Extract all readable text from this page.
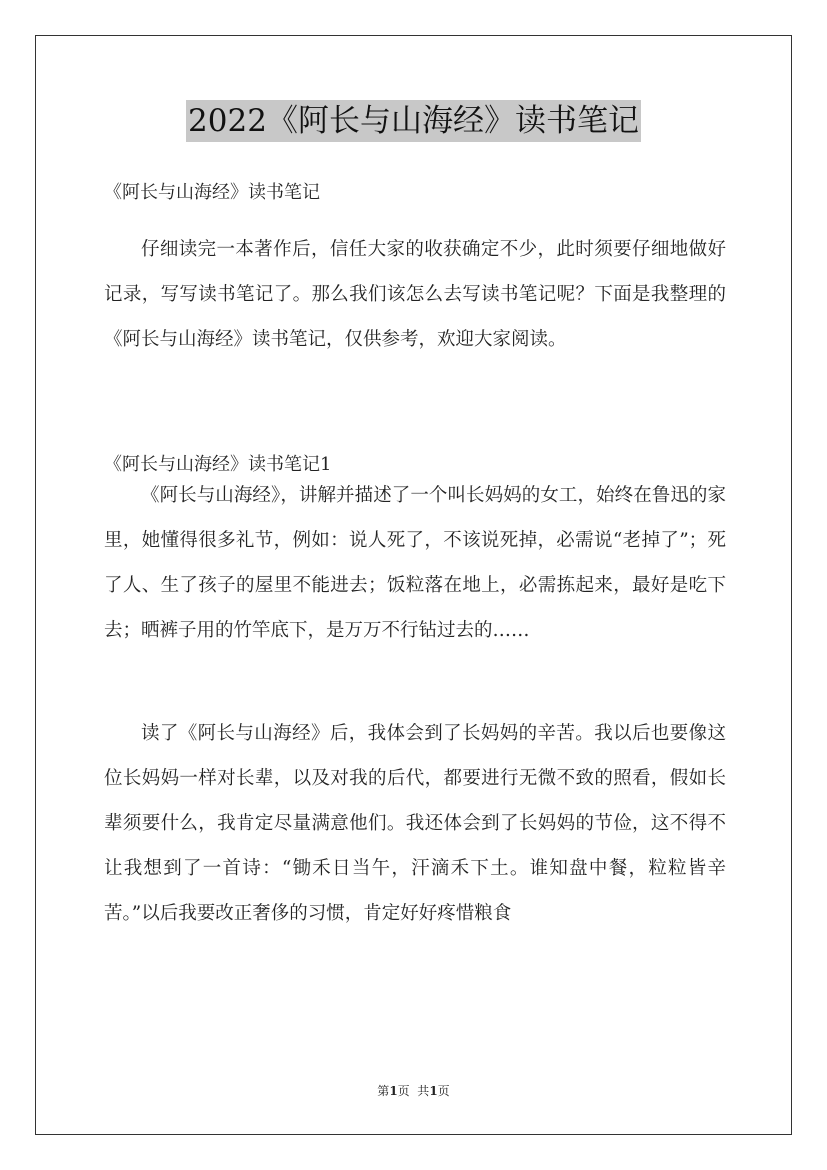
2022《阿长与山海经》读书笔记
《阿长与山海经》读书笔记

仔细读完一本著作后，信任大家的收获确定不少，此时须要仔细地做好记录，写写读书笔记了。那么我们该怎么去写读书笔记呢？下面是我整理的《阿长与山海经》读书笔记，仅供参考，欢迎大家阅读。

《阿长与山海经》读书笔记1

《阿长与山海经》，讲解并描述了一个叫长妈妈的女工，始终在鲁迅的家里，她懂得很多礼节，例如：说人死了，不该说死掉，必需说“老掉了”；死了人、生了孩子的屋里不能进去；饭粒落在地上，必需拣起来，最好是吃下去；晒裤子用的竹竿底下，是万万不行钻过去的……

读了《阿长与山海经》后，我体会到了长妈妈的辛苦。我以后也要像这位长妈妈一样对长辈，以及对我的后代，都要进行无微不致的照看，假如长辈须要什么，我肯定尽量满意他们。我还体会到了长妈妈的节俭，这不得不让我想到了一首诗：“锄禾日当午，汗滴禾下土。谁知盘中餐，粒粒皆辛苦。”以后我要改正奢侈的习惯，肯定好好疼惜粮食

第1页  共1页
